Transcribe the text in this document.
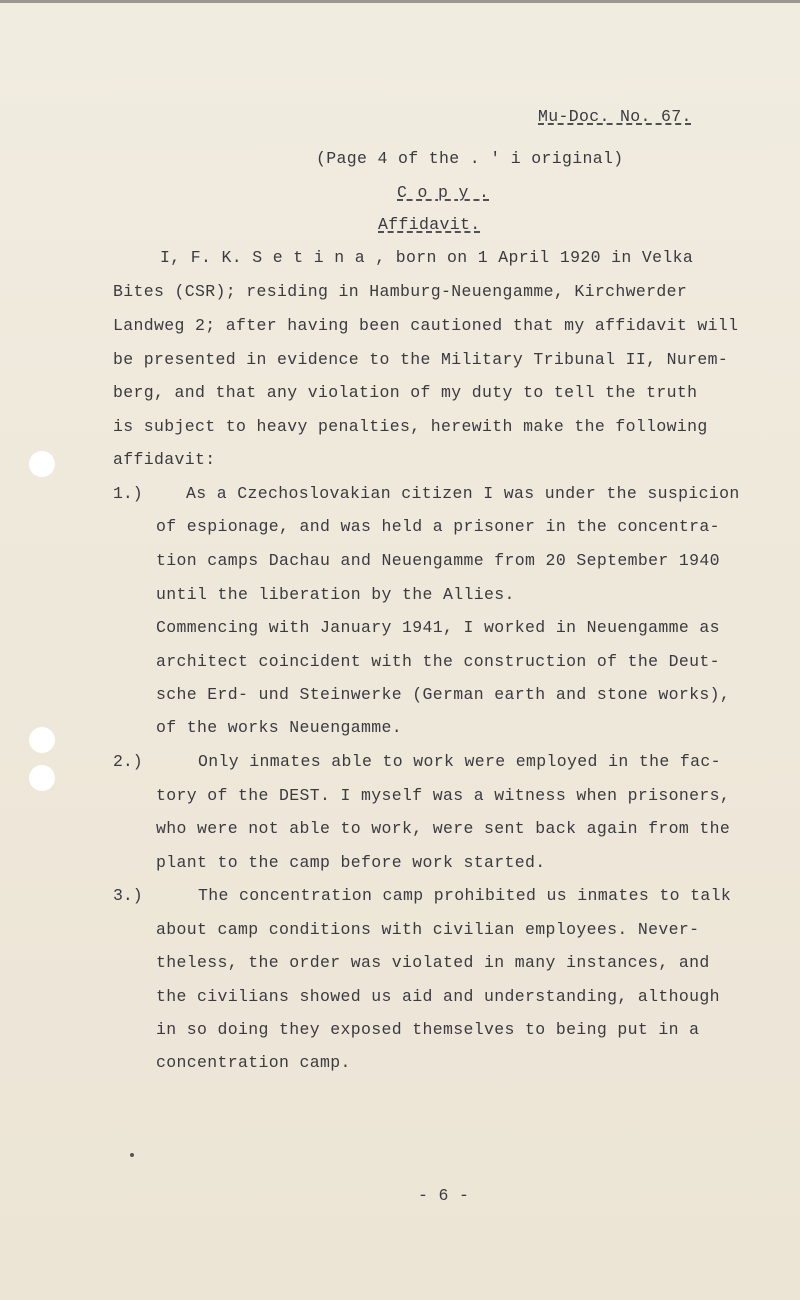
Mu-Doc. No. 67.
(Page 4 of the . ' i original)
C o p y .
Affidavit.
I, F. K. S e t i n a , born on 1 April 1920 in Velka
Bites (CSR); residing in Hamburg-Neuengamme, Kirchwerder
Landweg 2; after having been cautioned that my affidavit will
be presented in evidence to the Military Tribunal II, Nurem-
berg, and that any violation of my duty to tell the truth
is subject to heavy penalties, herewith make the following
affidavit:
1.)	As a Czechoslovakian citizen I was under the suspicion
of espionage, and was held a prisoner in the concentra-
tion camps Dachau and Neuengamme from 20 September 1940
until the liberation by the Allies.
Commencing with January 1941, I worked in Neuengamme as
architect coincident with the construction of the Deut-
sche Erd- und Steinwerke (German earth and stone works),
of the works Neuengamme.
2.)	Only inmates able to work were employed in the fac-
tory of the DEST. I myself was a witness when prisoners,
who were not able to work, were sent back again from the
plant to the camp before work started.
3.)	The concentration camp prohibited us inmates to talk
about camp conditions with civilian employees. Never-
theless, the order was violated in many instances, and
the civilians showed us aid and understanding, although
in so doing they exposed themselves to being put in a
concentration camp.
- 6 -
